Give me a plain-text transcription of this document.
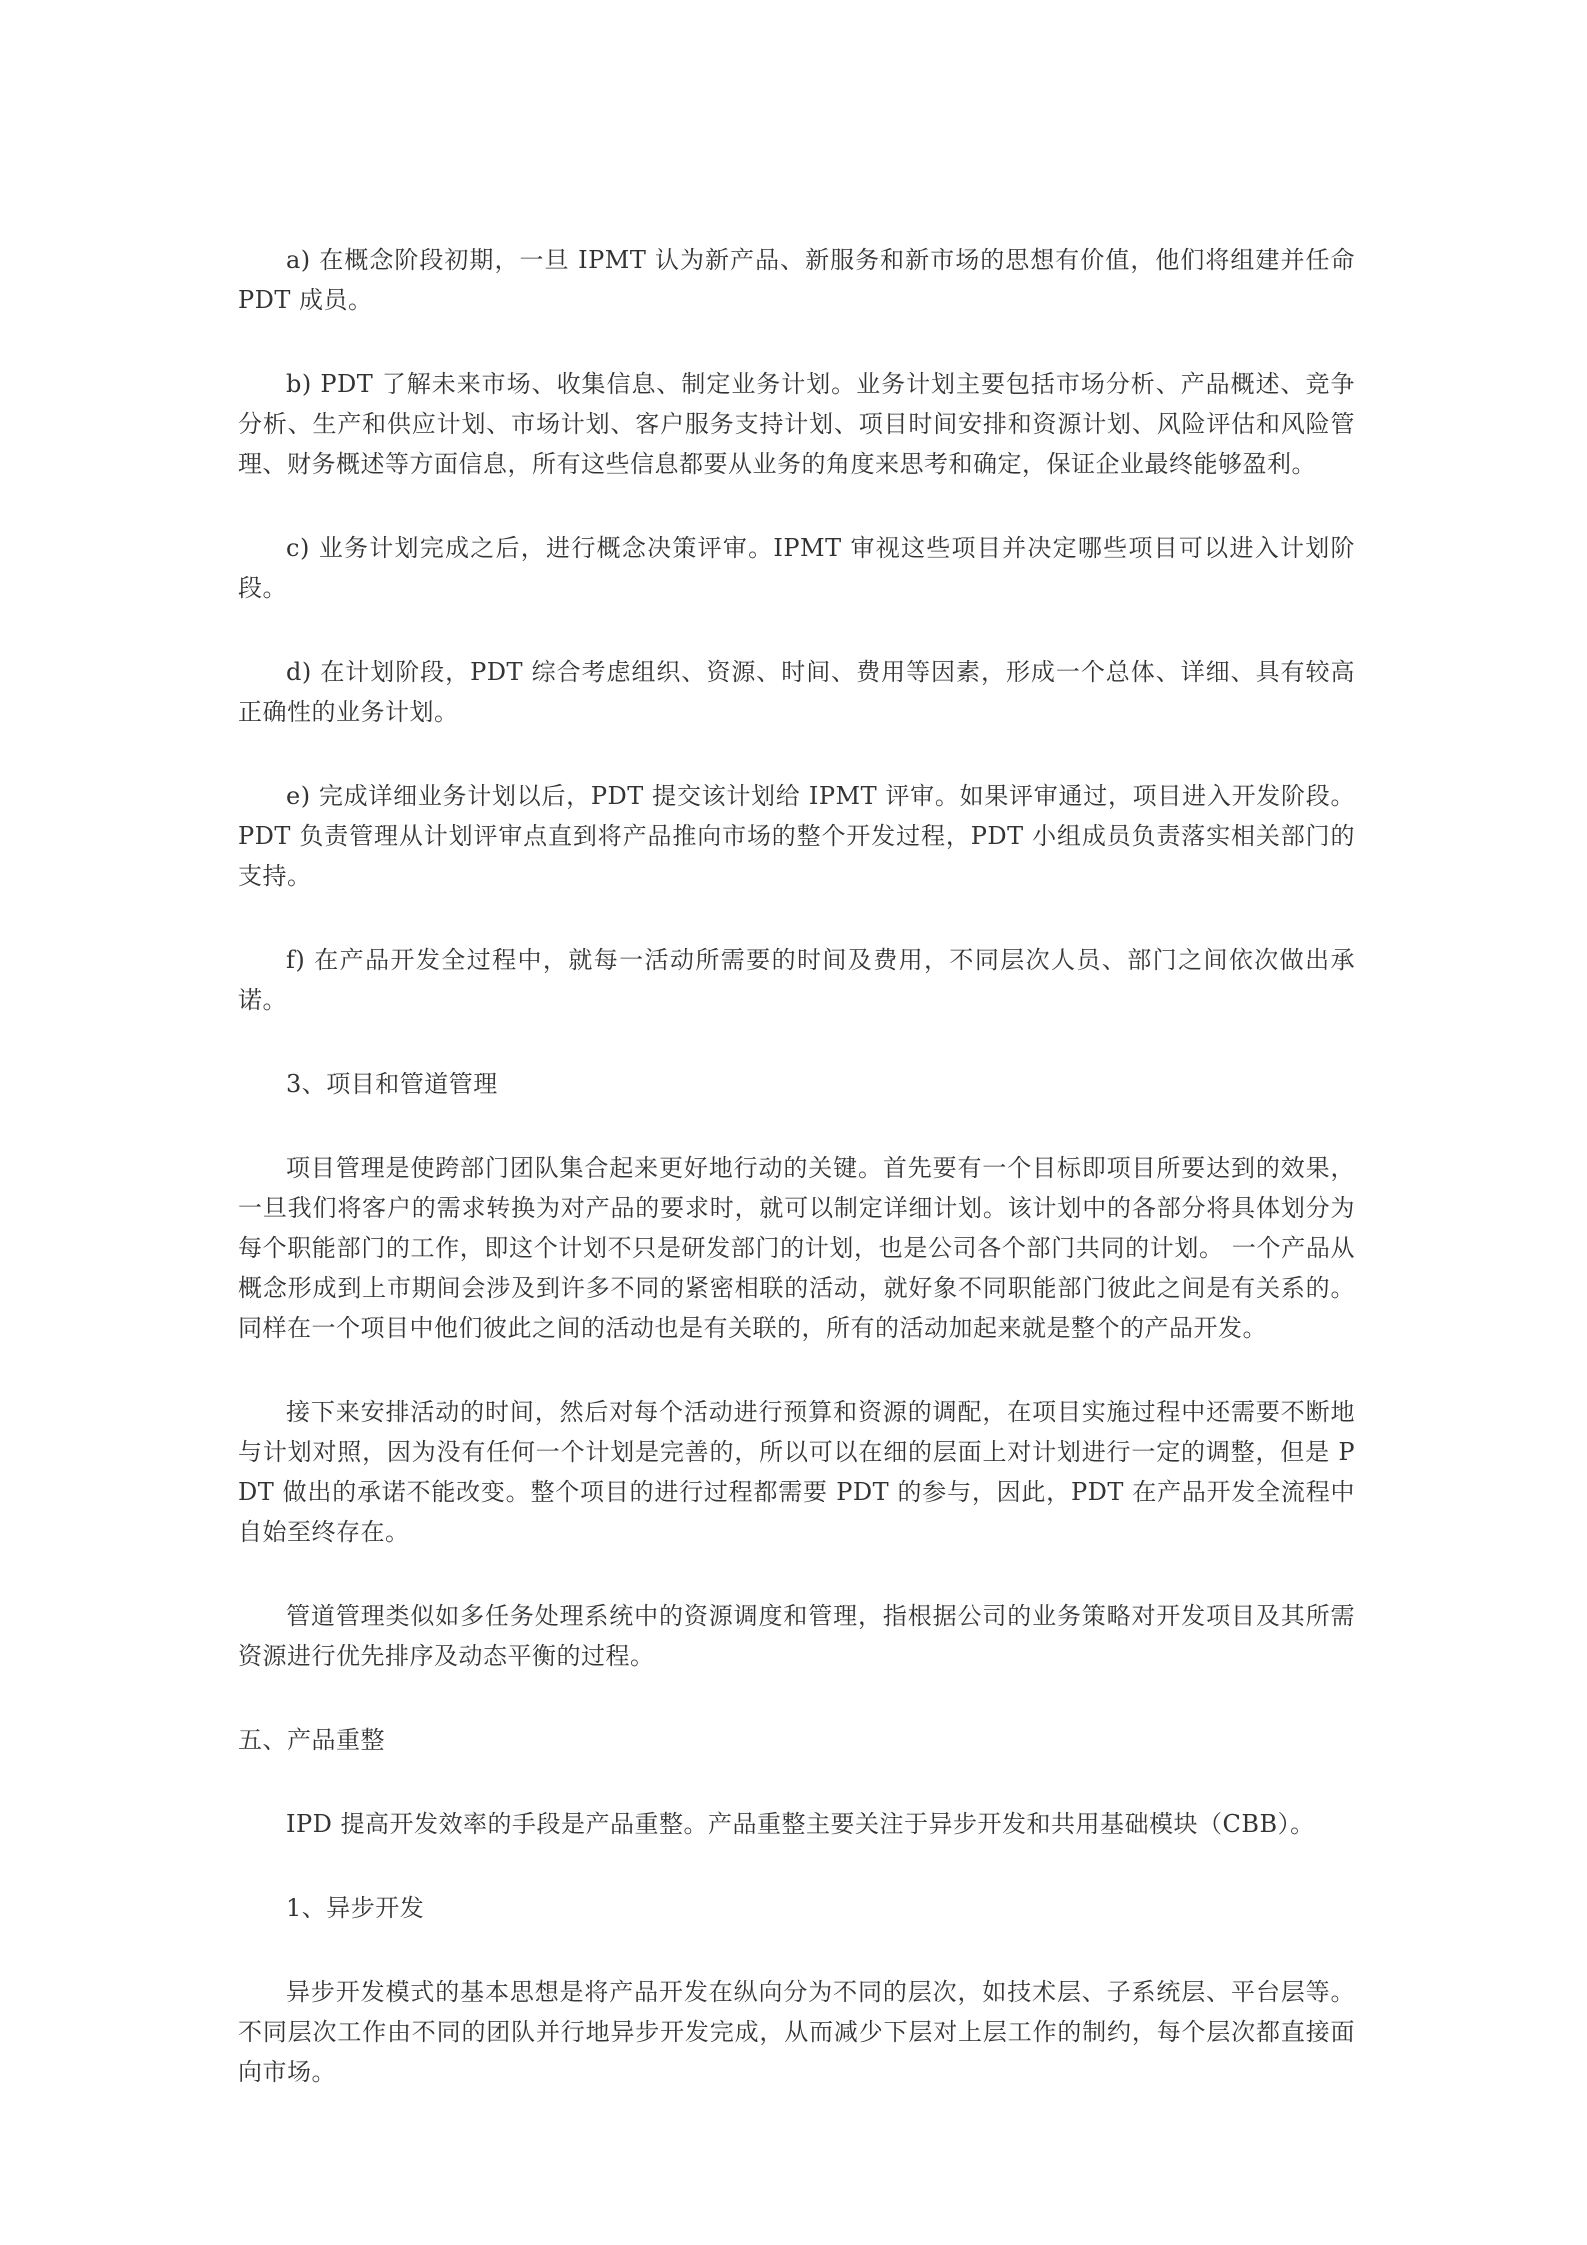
a) 在概念阶段初期，一旦 IPMT 认为新产品、新服务和新市场的思想有价值，他们将组建并任命 PDT 成员。

b) PDT 了解未来市场、收集信息、制定业务计划。业务计划主要包括市场分析、产品概述、竞争分析、生产和供应计划、市场计划、客户服务支持计划、项目时间安排和资源计划、风险评估和风险管理、财务概述等方面信息，所有这些信息都要从业务的角度来思考和确定，保证企业最终能够盈利。

c) 业务计划完成之后，进行概念决策评审。IPMT 审视这些项目并决定哪些项目可以进入计划阶段。

d) 在计划阶段，PDT 综合考虑组织、资源、时间、费用等因素，形成一个总体、详细、具有较高正确性的业务计划。

e) 完成详细业务计划以后，PDT 提交该计划给 IPMT 评审。如果评审通过，项目进入开发阶段。PDT 负责管理从计划评审点直到将产品推向市场的整个开发过程，PDT 小组成员负责落实相关部门的支持。

f) 在产品开发全过程中，就每一活动所需要的时间及费用，不同层次人员、部门之间依次做出承诺。

3、项目和管道管理

项目管理是使跨部门团队集合起来更好地行动的关键。首先要有一个目标即项目所要达到的效果，一旦我们将客户的需求转换为对产品的要求时，就可以制定详细计划。该计划中的各部分将具体划分为每个职能部门的工作，即这个计划不只是研发部门的计划，也是公司各个部门共同的计划。 一个产品从概念形成到上市期间会涉及到许多不同的紧密相联的活动，就好象不同职能部门彼此之间是有关系的。同样在一个项目中他们彼此之间的活动也是有关联的，所有的活动加起来就是整个的产品开发。

接下来安排活动的时间，然后对每个活动进行预算和资源的调配，在项目实施过程中还需要不断地与计划对照，因为没有任何一个计划是完善的，所以可以在细的层面上对计划进行一定的调整，但是 PDT 做出的承诺不能改变。整个项目的进行过程都需要 PDT 的参与，因此，PDT 在产品开发全流程中自始至终存在。

管道管理类似如多任务处理系统中的资源调度和管理，指根据公司的业务策略对开发项目及其所需资源进行优先排序及动态平衡的过程。

五、产品重整

IPD 提高开发效率的手段是产品重整。产品重整主要关注于异步开发和共用基础模块（CBB）。

1、异步开发

异步开发模式的基本思想是将产品开发在纵向分为不同的层次，如技术层、子系统层、平台层等。不同层次工作由不同的团队并行地异步开发完成，从而减少下层对上层工作的制约，每个层次都直接面向市场。
